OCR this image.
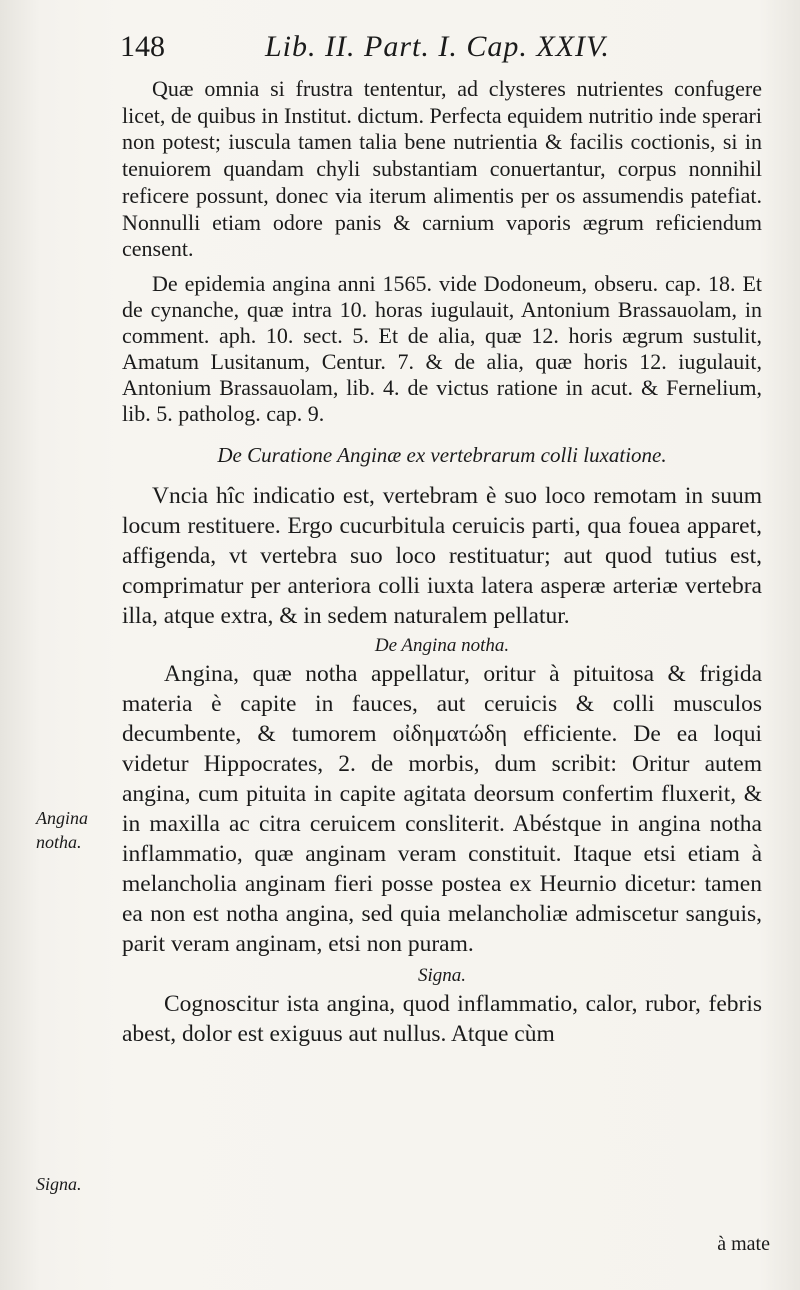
148	Lib. II. Part. I. Cap. XXIV.

Quæ omnia si frustra tententur, ad clysteres nutrientes confugere licet, de quibus in Institut. dictum. Perfecta equidem nutritio inde sperari non potest; iuscula tamen talia bene nutrientia & facilis coctionis, si in tenuiorem quandam chyli substantiam conuertantur, corpus nonnihil reficere possunt, donec via iterum alimentis per os assumendis patefiat. Nonnulli etiam odore panis & carnium vaporis ægrum reficiendum censent.

De epidemia angina anni 1565. vide Dodoneum, obseru. cap. 18. Et de cynanche, quæ intra 10. horas iugulauit, Antonium Brassauolam, in comment. aph. 10. sect. 5. Et de alia, quæ 12. horis ægrum sustulit, Amatum Lusitanum, Centur. 7. & de alia, quæ horis 12. iugulauit, Antonium Brassauolam, lib. 4. de victus ratione in acut. & Fernelium, lib. 5. patholog. cap. 9.

De Curatione Anginæ ex vertebrarum colli luxatione.

Vncia hîc indicatio est, vertebram è suo loco remotam in suum locum restituere. Ergo cucurbitula ceruicis parti, qua fouea apparet, affigenda, vt vertebra suo loco restituatur; aut quod tutius est, comprimatur per anteriora colli iuxta latera asperæ arteriæ vertebra illa, atque extra, & in sedem naturalem pellatur.

De Angina notha.

Angina, quæ notha appellatur, oritur à pituitosa & frigida materia è capite in fauces, aut ceruicis & colli musculos decumbente, & tumorem οἰδηματώδη efficiente. De ea loqui videtur Hippocrates, 2. de morbis, dum scribit: Oritur autem angina, cum pituita in capite agitata deorsum confertim fluxerit, & in maxilla ac citra ceruicem consliterit. Abéstque in angina notha inflammatio, quæ anginam veram constituit. Itaque etsi etiam à melancholia anginam fieri posse postea ex Heurnio dicetur: tamen ea non est notha angina, sed quia melancholiæ admiscetur sanguis, parit veram anginam, etsi non puram.

Signa.

Cognoscitur ista angina, quod inflammatio, calor, rubor, febris abest, dolor est exiguus aut nullus. Atque cùm

Angina notha.
Signa.
à mate
